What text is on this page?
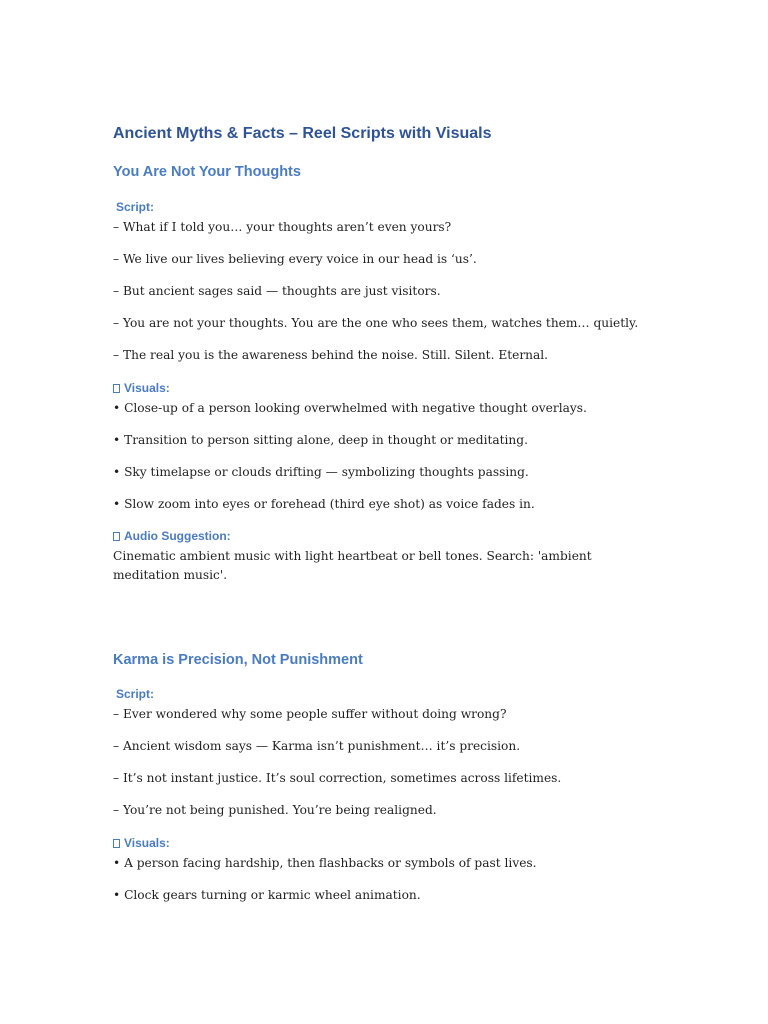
Ancient Myths & Facts – Reel Scripts with Visuals
You Are Not Your Thoughts
Script:

– What if I told you… your thoughts aren’t even yours?

– We live our lives believing every voice in our head is ‘us’.

– But ancient sages said — thoughts are just visitors.

– You are not your thoughts. You are the one who sees them, watches them… quietly.

– The real you is the awareness behind the noise. Still. Silent. Eternal.

Visuals:

• Close-up of a person looking overwhelmed with negative thought overlays.

• Transition to person sitting alone, deep in thought or meditating.

• Sky timelapse or clouds drifting — symbolizing thoughts passing.

• Slow zoom into eyes or forehead (third eye shot) as voice fades in.

Audio Suggestion:

Cinematic ambient music with light heartbeat or bell tones. Search: 'ambient meditation music'.

Karma is Precision, Not Punishment
Script:

– Ever wondered why some people suffer without doing wrong?

– Ancient wisdom says — Karma isn’t punishment… it’s precision.

– It’s not instant justice. It’s soul correction, sometimes across lifetimes.

– You’re not being punished. You’re being realigned.

Visuals:

• A person facing hardship, then flashbacks or symbols of past lives.

• Clock gears turning or karmic wheel animation.
